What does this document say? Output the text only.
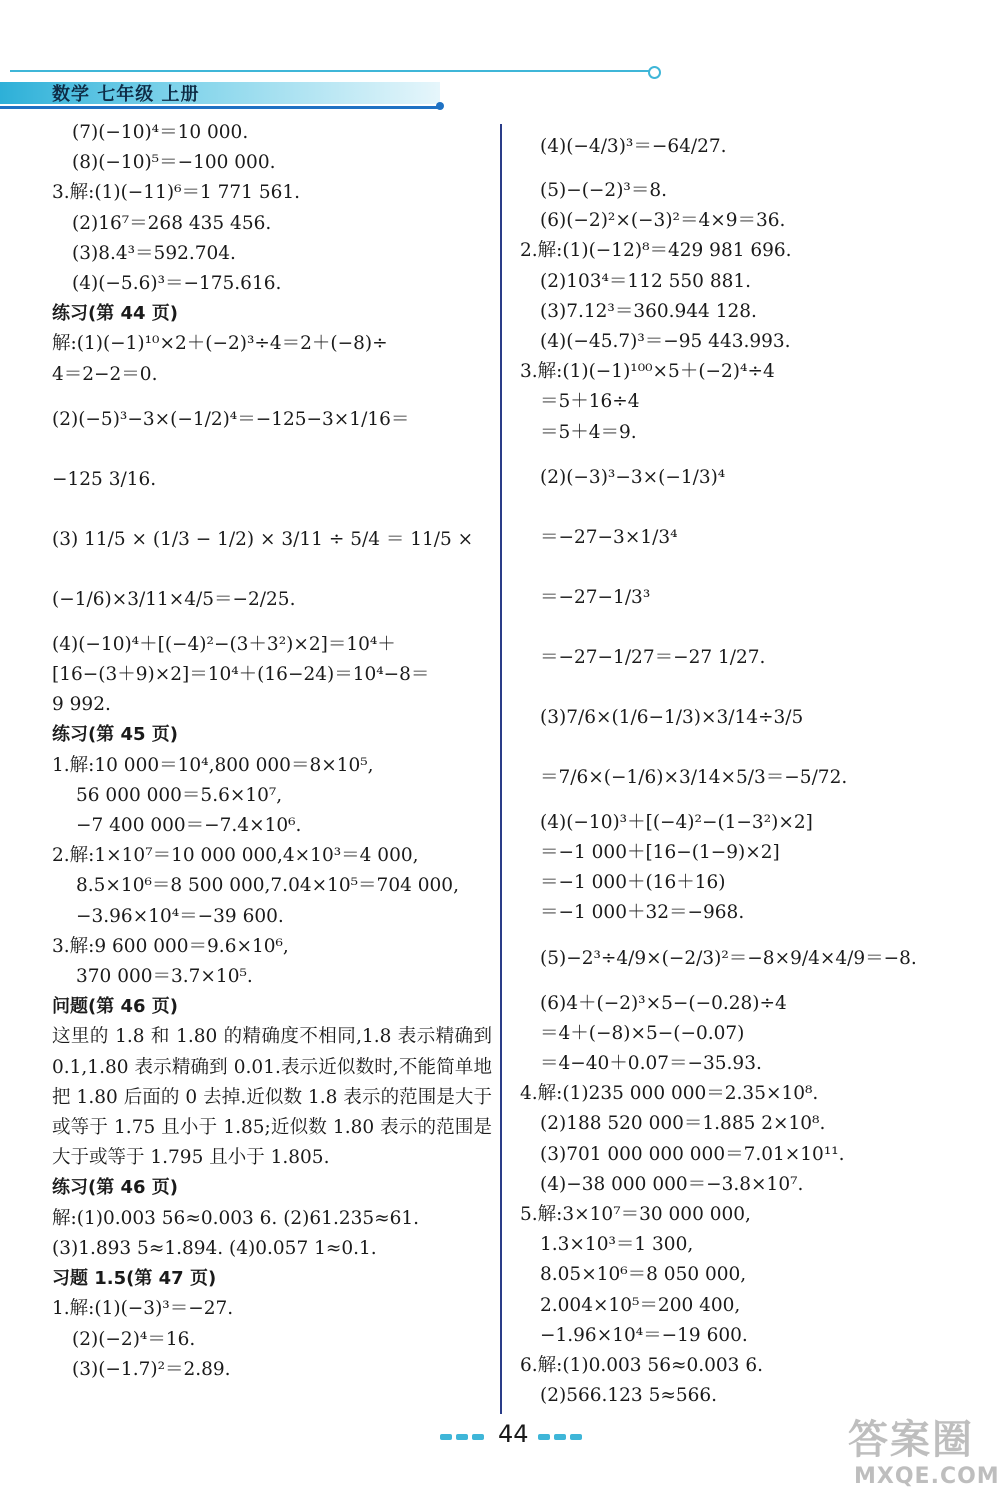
数学 七年级 上册
(7)(−10)⁴＝10 000.
(8)(−10)⁵＝−100 000.
3.解:(1)(−11)⁶＝1 771 561.
(2)16⁷＝268 435 456.
(3)8.4³＝592.704.
(4)(−5.6)³＝−175.616.
练习(第 44 页)
解:(1)(−1)¹⁰×2＋(−2)³÷4＝2＋(−8)÷
4＝2−2＝0.
(2)(−5)³−3×(−1/2)⁴＝−125−3×1/16＝
−125 3/16.
(3) 11/5 × (1/3 − 1/2) × 3/11 ÷ 5/4 ＝ 11/5 ×
(−1/6)×3/11×4/5＝−2/25.
(4)(−10)⁴＋[(−4)²−(3＋3²)×2]＝10⁴＋
[16−(3＋9)×2]＝10⁴＋(16−24)＝10⁴−8＝
9 992.
练习(第 45 页)
1.解:10 000＝10⁴,800 000＝8×10⁵,
56 000 000＝5.6×10⁷,
−7 400 000＝−7.4×10⁶.
2.解:1×10⁷＝10 000 000,4×10³＝4 000,
8.5×10⁶＝8 500 000,7.04×10⁵＝704 000,
−3.96×10⁴＝−39 600.
3.解:9 600 000＝9.6×10⁶,
370 000＝3.7×10⁵.
问题(第 46 页)
这里的 1.8 和 1.80 的精确度不相同,1.8 表示精确到 0.1,1.80 表示精确到 0.01.表示近似数时,不能简单地把 1.80 后面的 0 去掉.近似数 1.8 表示的范围是大于或等于 1.75 且小于 1.85;近似数 1.80 表示的范围是大于或等于 1.795 且小于 1.805.
练习(第 46 页)
解:(1)0.003 56≈0.003 6. (2)61.235≈61.
(3)1.893 5≈1.894. (4)0.057 1≈0.1.
习题 1.5(第 47 页)
1.解:(1)(−3)³＝−27.
(2)(−2)⁴＝16.
(3)(−1.7)²＝2.89.
(4)(−4/3)³＝−64/27.
(5)−(−2)³＝8.
(6)(−2)²×(−3)²＝4×9＝36.
2.解:(1)(−12)⁸＝429 981 696.
(2)103⁴＝112 550 881.
(3)7.12³＝360.944 128.
(4)(−45.7)³＝−95 443.993.
3.解:(1)(−1)¹⁰⁰×5＋(−2)⁴÷4
＝5＋16÷4
＝5＋4＝9.
(2)(−3)³−3×(−1/3)⁴
＝−27−3×1/3⁴
＝−27−1/3³
＝−27−1/27＝−27 1/27.
(3)7/6×(1/6−1/3)×3/14÷3/5
＝7/6×(−1/6)×3/14×5/3＝−5/72.
(4)(−10)³＋[(−4)²−(1−3²)×2]
＝−1 000＋[16−(1−9)×2]
＝−1 000＋(16＋16)
＝−1 000＋32＝−968.
(5)−2³÷4/9×(−2/3)²＝−8×9/4×4/9＝−8.
(6)4＋(−2)³×5−(−0.28)÷4
＝4＋(−8)×5−(−0.07)
＝4−40＋0.07＝−35.93.
4.解:(1)235 000 000＝2.35×10⁸.
(2)188 520 000＝1.885 2×10⁸.
(3)701 000 000 000＝7.01×10¹¹.
(4)−38 000 000＝−3.8×10⁷.
5.解:3×10⁷＝30 000 000,
1.3×10³＝1 300,
8.05×10⁶＝8 050 000,
2.004×10⁵＝200 400,
−1.96×10⁴＝−19 600.
6.解:(1)0.003 56≈0.003 6.
(2)566.123 5≈566.
44	答案圈
MXQE.COM
